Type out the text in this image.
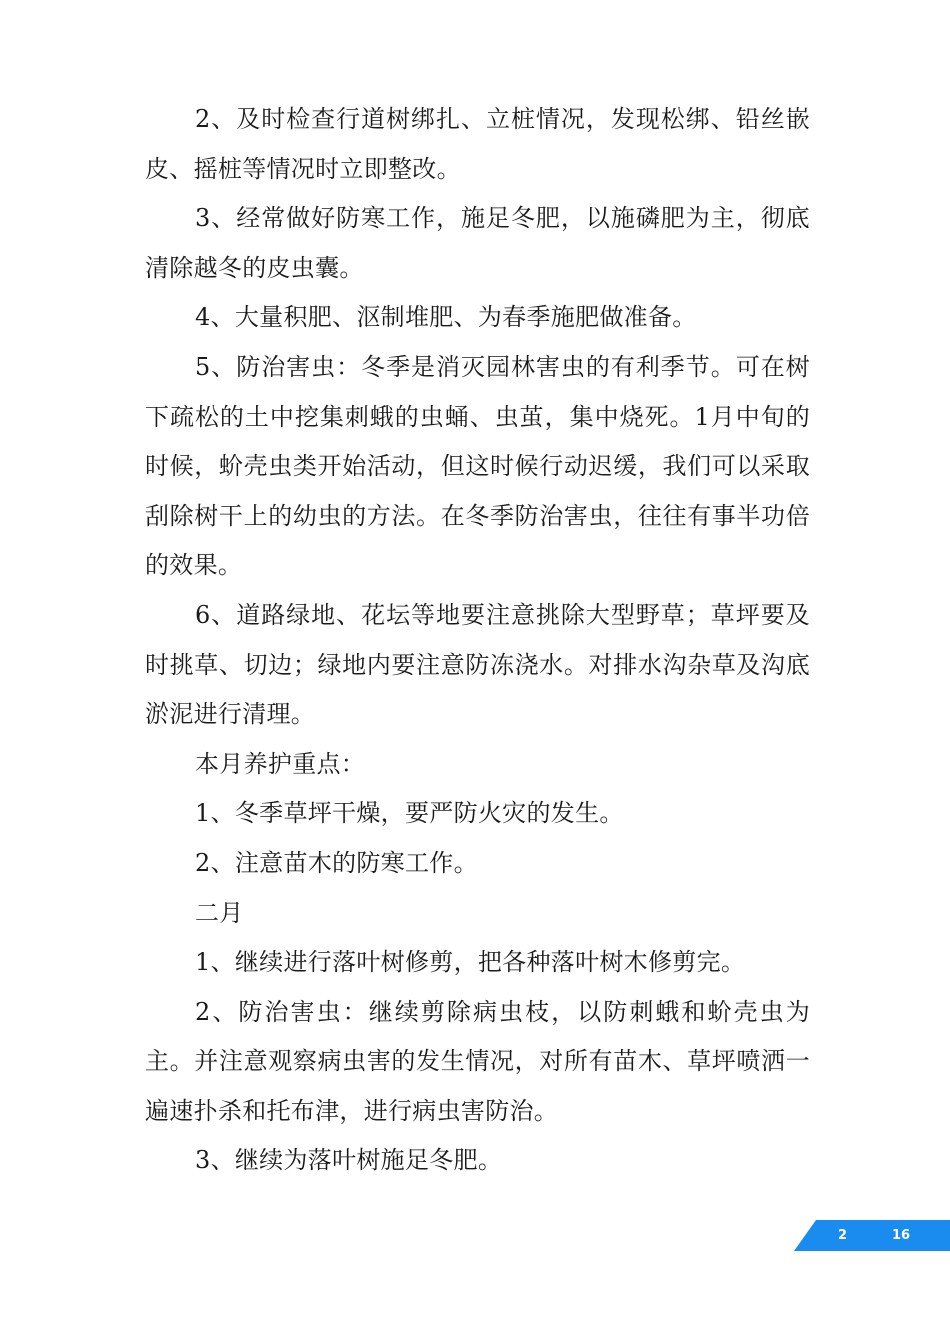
2、及时检查行道树绑扎、立桩情况，发现松绑、铅丝嵌皮、摇桩等情况时立即整改。

3、经常做好防寒工作，施足冬肥，以施磷肥为主，彻底清除越冬的皮虫囊。

4、大量积肥、沤制堆肥、为春季施肥做准备。

5、防治害虫：冬季是消灭园林害虫的有利季节。可在树下疏松的土中挖集刺蛾的虫蛹、虫茧，集中烧死。1月中旬的时候，蚧壳虫类开始活动，但这时候行动迟缓，我们可以采取刮除树干上的幼虫的方法。在冬季防治害虫，往往有事半功倍的效果。

6、道路绿地、花坛等地要注意挑除大型野草；草坪要及时挑草、切边；绿地内要注意防冻浇水。对排水沟杂草及沟底淤泥进行清理。

本月养护重点：

1、冬季草坪干燥，要严防火灾的发生。

2、注意苗木的防寒工作。

二月

1、继续进行落叶树修剪，把各种落叶树木修剪完。

2、防治害虫：继续剪除病虫枝，以防刺蛾和蚧壳虫为主。并注意观察病虫害的发生情况，对所有苗木、草坪喷洒一遍速扑杀和托布津，进行病虫害防治。

3、继续为落叶树施足冬肥。

2	16
